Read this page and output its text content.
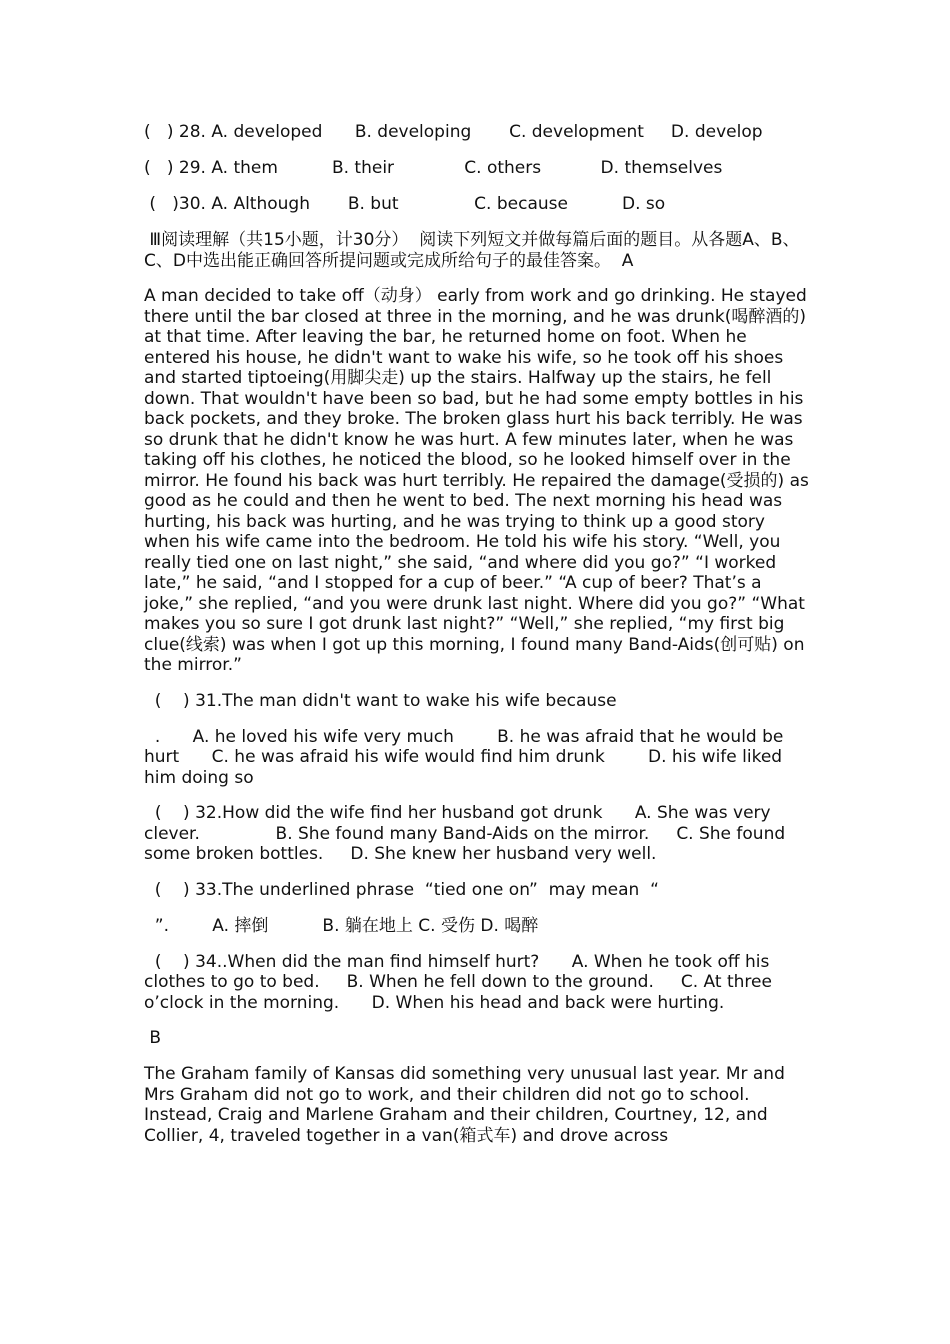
(   ) 28. A. developed      B. developing       C. development     D. develop
(   ) 29. A. them          B. their             C. others           D. themselves
(   )30. A. Although       B. but              C. because          D. so
Ⅲ阅读理解（共15小题，计30分）  阅读下列短文并做每篇后面的题目。从各题A、B、C、D中选出能正确回答所提问题或完成所给句子的最佳答案。  A
A man decided to take off（动身） early from work and go drinking. He stayed there until the bar closed at three in the morning, and he was drunk(喝醉酒的) at that time. After leaving the bar, he returned home on foot. When he entered his house, he didn't want to wake his wife, so he took off his shoes and started tiptoeing(用脚尖走) up the stairs. Halfway up the stairs, he fell down. That wouldn't have been so bad, but he had some empty bottles in his back pockets, and they broke. The broken glass hurt his back terribly. He was so drunk that he didn't know he was hurt. A few minutes later, when he was taking off his clothes, he noticed the blood, so he looked himself over in the mirror. He found his back was hurt terribly. He repaired the damage(受损的) as good as he could and then he went to bed. The next morning his head was hurting, his back was hurting, and he was trying to think up a good story when his wife came into the bedroom. He told his wife his story. “Well, you really tied one on last night,” she said, “and where did you go?” “I worked late,” he said, “and I stopped for a cup of beer.” “A cup of beer? That’s a joke,” she replied, “and you were drunk last night. Where did you go?” “What makes you so sure I got drunk last night?” “Well,” she replied, “my first big clue(线索) was when I got up this morning, I found many Band-Aids(创可贴) on the mirror.”
(    ) 31.The man didn't want to wake his wife because
.      A. he loved his wife very much        B. he was afraid that he would be hurt      C. he was afraid his wife would find him drunk        D. his wife liked him doing so
(    ) 32.How did the wife find her husband got drunk      A. She was very clever.              B. She found many Band-Aids on the mirror.     C. She found some broken bottles.     D. She knew her husband very well.
(    ) 33.The underlined phrase  “tied one on”  may mean  “
”.        A. 摔倒          B. 躺在地上 C. 受伤 D. 喝醉
(    ) 34..When did the man find himself hurt?      A. When he took off his clothes to go to bed.     B. When he fell down to the ground.     C. At three o’clock in the morning.      D. When his head and back were hurting.
B
The Graham family of Kansas did something very unusual last year. Mr and Mrs Graham did not go to work, and their children did not go to school. Instead, Craig and Marlene Graham and their children, Courtney, 12, and Collier, 4, traveled together in a van(箱式车) and drove across
